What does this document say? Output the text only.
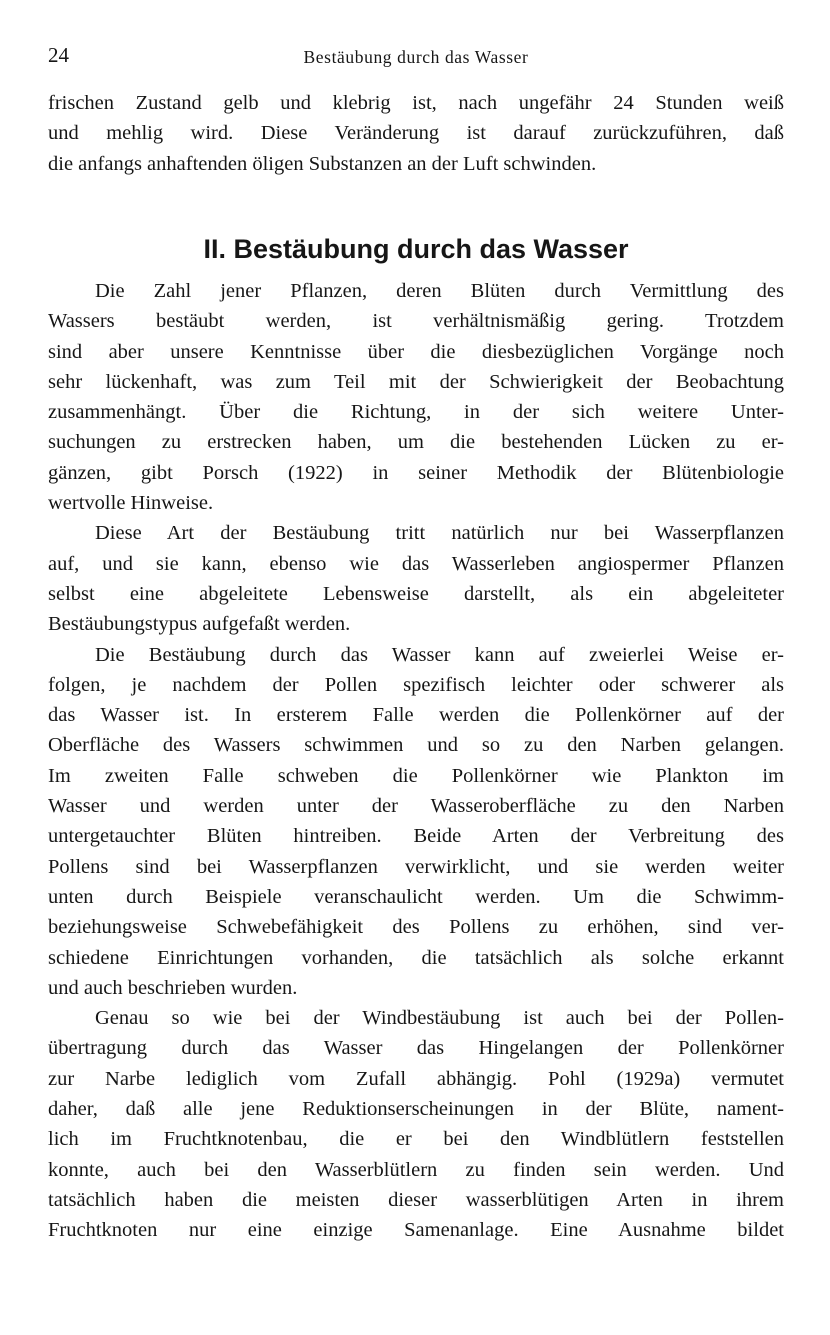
24	Bestäubung durch das Wasser
frischen Zustand gelb und klebrig ist, nach ungefähr 24 Stunden weiß
und mehlig wird. Diese Veränderung ist darauf zurückzuführen, daß
die anfangs anhaftenden öligen Substanzen an der Luft schwinden.
II. Bestäubung durch das Wasser
Die Zahl jener Pflanzen, deren Blüten durch Vermittlung des
Wassers bestäubt werden, ist verhältnismäßig gering. Trotzdem
sind aber unsere Kenntnisse über die diesbezüglichen Vorgänge noch
sehr lückenhaft, was zum Teil mit der Schwierigkeit der Beobachtung
zusammenhängt. Über die Richtung, in der sich weitere Unter-
suchungen zu erstrecken haben, um die bestehenden Lücken zu er-
gänzen, gibt Porsch (1922) in seiner Methodik der Blütenbiologie
wertvolle Hinweise.
Diese Art der Bestäubung tritt natürlich nur bei Wasserpflanzen
auf, und sie kann, ebenso wie das Wasserleben angiospermer Pflanzen
selbst eine abgeleitete Lebensweise darstellt, als ein abgeleiteter
Bestäubungstypus aufgefaßt werden.
Die Bestäubung durch das Wasser kann auf zweierlei Weise er-
folgen, je nachdem der Pollen spezifisch leichter oder schwerer als
das Wasser ist. In ersterem Falle werden die Pollenkörner auf der
Oberfläche des Wassers schwimmen und so zu den Narben gelangen.
Im zweiten Falle schweben die Pollenkörner wie Plankton im
Wasser und werden unter der Wasseroberfläche zu den Narben
untergetauchter Blüten hintreiben. Beide Arten der Verbreitung des
Pollens sind bei Wasserpflanzen verwirklicht, und sie werden weiter
unten durch Beispiele veranschaulicht werden. Um die Schwimm-
beziehungsweise Schwebefähigkeit des Pollens zu erhöhen, sind ver-
schiedene Einrichtungen vorhanden, die tatsächlich als solche erkannt
und auch beschrieben wurden.
Genau so wie bei der Windbestäubung ist auch bei der Pollen-
übertragung durch das Wasser das Hingelangen der Pollenkörner
zur Narbe lediglich vom Zufall abhängig. Pohl (1929a) vermutet
daher, daß alle jene Reduktionserscheinungen in der Blüte, nament-
lich im Fruchtknotenbau, die er bei den Windblütlern feststellen
konnte, auch bei den Wasserblütlern zu finden sein werden. Und
tatsächlich haben die meisten dieser wasserblütigen Arten in ihrem
Fruchtknoten nur eine einzige Samenanlage. Eine Ausnahme bildet
